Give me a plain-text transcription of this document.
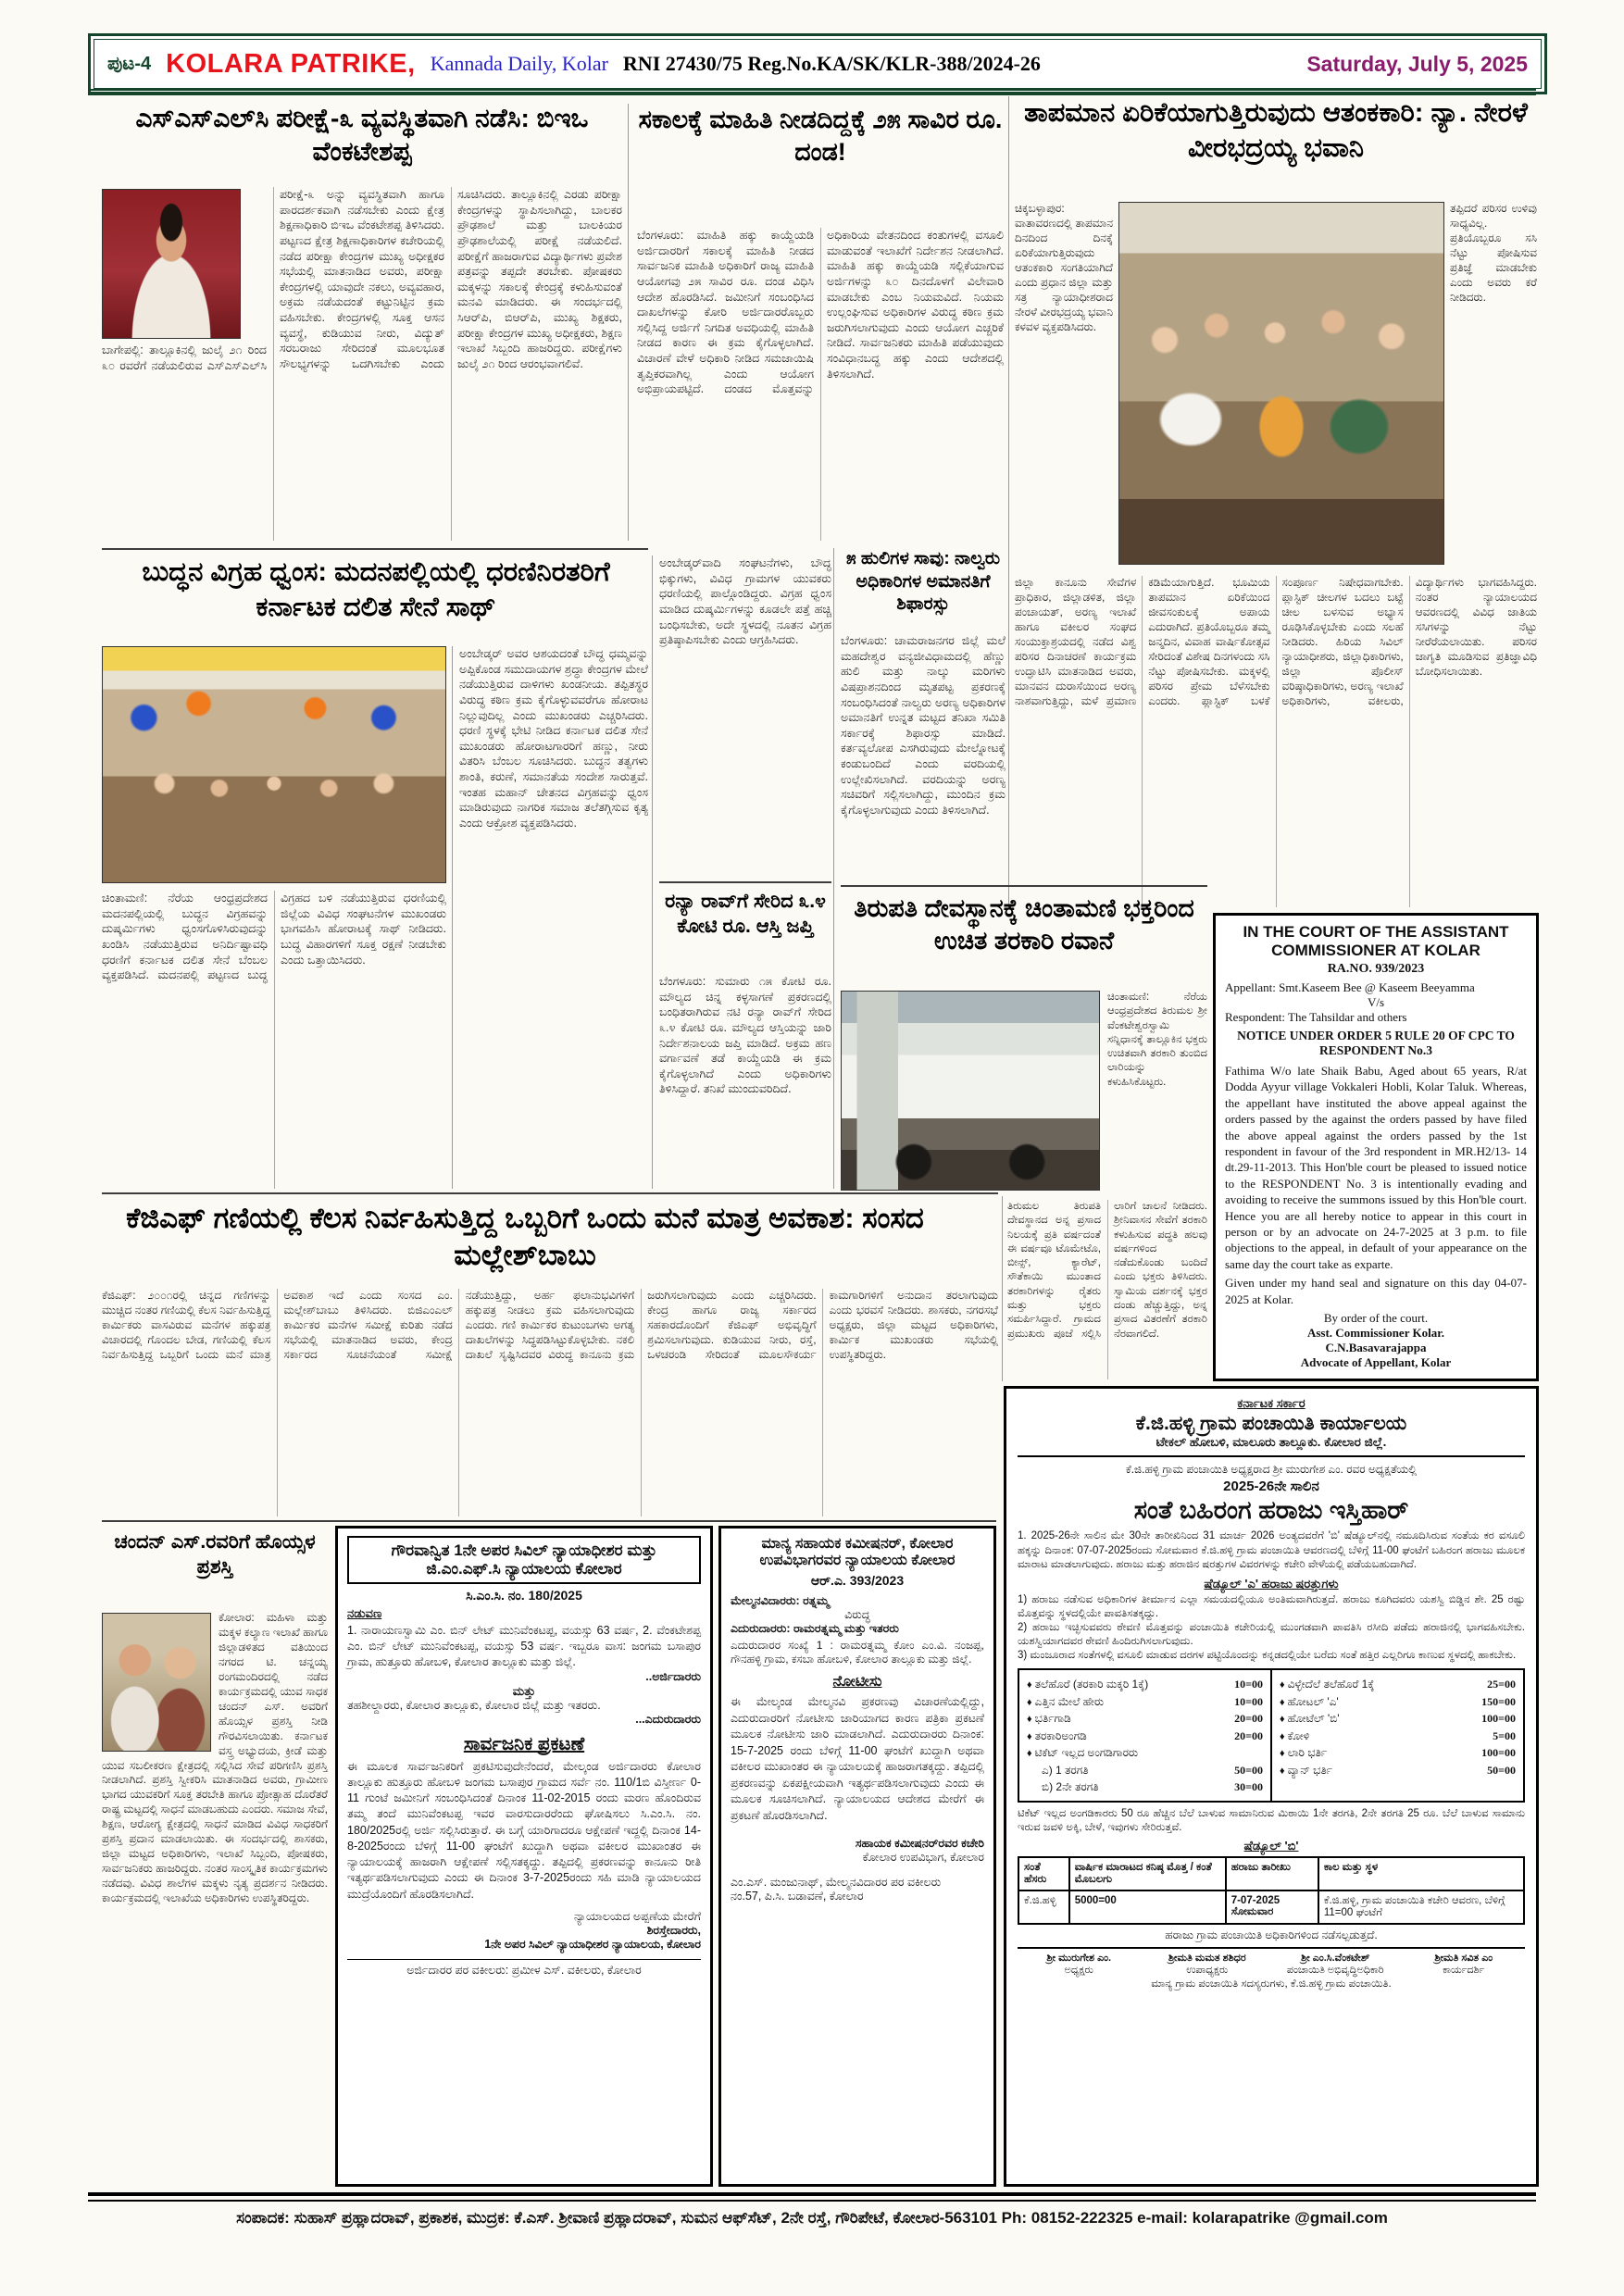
ಪುಟ-4 KOLARA PATRIKE, Kannada Daily, Kolar RNI 27430/75 Reg.No.KA/SK/KLR-388/2024-26	Saturday, July 5, 2025
ಎಸ್‌ಎಸ್‌ಎಲ್‌ಸಿ ಪರೀಕ್ಷೆ-೩ ವ್ಯವಸ್ಥಿತವಾಗಿ ನಡೆಸಿ: ಬಿಇಒ ವೆಂಕಟೇಶಪ್ಪ
ಬಾಗೇಪಲ್ಲಿ: ತಾಲ್ಲೂಕಿನಲ್ಲಿ ಜುಲೈ ೨೧ ರಿಂದ ೩೦ ರವರೆಗೆ ನಡೆಯಲಿರುವ ಎಸ್‌ಎಸ್‌ಎಲ್‌ಸಿ ಪರೀಕ್ಷೆ-೩ ಅನ್ನು ವ್ಯವಸ್ಥಿತವಾಗಿ ಹಾಗೂ ಪಾರದರ್ಶಕವಾಗಿ ನಡೆಸಬೇಕು ಎಂದು ಕ್ಷೇತ್ರ ಶಿಕ್ಷಣಾಧಿಕಾರಿ ಬಿಇಒ ವೆಂಕಟೇಶಪ್ಪ ತಿಳಿಸಿದರು. ಪಟ್ಟಣದ ಕ್ಷೇತ್ರ ಶಿಕ್ಷಣಾಧಿಕಾರಿಗಳ ಕಚೇರಿಯಲ್ಲಿ ನಡೆದ ಪರೀಕ್ಷಾ ಕೇಂದ್ರಗಳ ಮುಖ್ಯ ಅಧೀಕ್ಷಕರ ಸಭೆಯಲ್ಲಿ ಮಾತನಾಡಿದ ಅವರು, ಪರೀಕ್ಷಾ ಕೇಂದ್ರಗಳಲ್ಲಿ ಯಾವುದೇ ನಕಲು, ಅವ್ಯವಹಾರ, ಅಕ್ರಮ ನಡೆಯದಂತೆ ಕಟ್ಟುನಿಟ್ಟಿನ ಕ್ರಮ ವಹಿಸಬೇಕು. ಕೇಂದ್ರಗಳಲ್ಲಿ ಸೂಕ್ತ ಆಸನ ವ್ಯವಸ್ಥೆ, ಕುಡಿಯುವ ನೀರು, ವಿದ್ಯುತ್ ಸರಬರಾಜು ಸೇರಿದಂತೆ ಮೂಲಭೂತ ಸೌಲಭ್ಯಗಳನ್ನು ಒದಗಿಸಬೇಕು ಎಂದು ಸೂಚಿಸಿದರು. ತಾಲ್ಲೂಕಿನಲ್ಲಿ ಎರಡು ಪರೀಕ್ಷಾ ಕೇಂದ್ರಗಳನ್ನು ಸ್ಥಾಪಿಸಲಾಗಿದ್ದು, ಬಾಲಕರ ಪ್ರೌಢಶಾಲೆ ಮತ್ತು ಬಾಲಕಿಯರ ಪ್ರೌಢಶಾಲೆಯಲ್ಲಿ ಪರೀಕ್ಷೆ ನಡೆಯಲಿದೆ. ಪರೀಕ್ಷೆಗೆ ಹಾಜರಾಗುವ ವಿದ್ಯಾರ್ಥಿಗಳು ಪ್ರವೇಶ ಪತ್ರವನ್ನು ತಪ್ಪದೇ ತರಬೇಕು. ಪೋಷಕರು ಮಕ್ಕಳನ್ನು ಸಕಾಲಕ್ಕೆ ಕೇಂದ್ರಕ್ಕೆ ಕಳುಹಿಸುವಂತೆ ಮನವಿ ಮಾಡಿದರು. ಈ ಸಂದರ್ಭದಲ್ಲಿ ಸಿಆರ್‌ಪಿ, ಬಿಆರ್‌ಪಿ, ಮುಖ್ಯ ಶಿಕ್ಷಕರು, ಪರೀಕ್ಷಾ ಕೇಂದ್ರಗಳ ಮುಖ್ಯ ಅಧೀಕ್ಷಕರು, ಶಿಕ್ಷಣ ಇಲಾಖೆ ಸಿಬ್ಬಂದಿ ಹಾಜರಿದ್ದರು. ಪರೀಕ್ಷೆಗಳು ಜುಲೈ ೨೧ ರಿಂದ ಆರಂಭವಾಗಲಿವೆ.
ಸಕಾಲಕ್ಕೆ ಮಾಹಿತಿ ನೀಡದಿದ್ದಕ್ಕೆ ೨೫ ಸಾವಿರ ರೂ. ದಂಡ!
ಬೆಂಗಳೂರು: ಮಾಹಿತಿ ಹಕ್ಕು ಕಾಯ್ದೆಯಡಿ ಅರ್ಜಿದಾರರಿಗೆ ಸಕಾಲಕ್ಕೆ ಮಾಹಿತಿ ನೀಡದ ಸಾರ್ವಜನಿಕ ಮಾಹಿತಿ ಅಧಿಕಾರಿಗೆ ರಾಜ್ಯ ಮಾಹಿತಿ ಆಯೋಗವು ೨೫ ಸಾವಿರ ರೂ. ದಂಡ ವಿಧಿಸಿ ಆದೇಶ ಹೊರಡಿಸಿದೆ. ಜಮೀನಿಗೆ ಸಂಬಂಧಿಸಿದ ದಾಖಲೆಗಳನ್ನು ಕೋರಿ ಅರ್ಜಿದಾರರೊಬ್ಬರು ಸಲ್ಲಿಸಿದ್ದ ಅರ್ಜಿಗೆ ನಿಗದಿತ ಅವಧಿಯಲ್ಲಿ ಮಾಹಿತಿ ನೀಡದ ಕಾರಣ ಈ ಕ್ರಮ ಕೈಗೊಳ್ಳಲಾಗಿದೆ. ವಿಚಾರಣೆ ವೇಳೆ ಅಧಿಕಾರಿ ನೀಡಿದ ಸಮಜಾಯಿಷಿ ತೃಪ್ತಿಕರವಾಗಿಲ್ಲ ಎಂದು ಆಯೋಗ ಅಭಿಪ್ರಾಯಪಟ್ಟಿದೆ. ದಂಡದ ಮೊತ್ತವನ್ನು ಅಧಿಕಾರಿಯ ವೇತನದಿಂದ ಕಂತುಗಳಲ್ಲಿ ವಸೂಲಿ ಮಾಡುವಂತೆ ಇಲಾಖೆಗೆ ನಿರ್ದೇಶನ ನೀಡಲಾಗಿದೆ. ಮಾಹಿತಿ ಹಕ್ಕು ಕಾಯ್ದೆಯಡಿ ಸಲ್ಲಿಕೆಯಾಗುವ ಅರ್ಜಿಗಳನ್ನು ೩೦ ದಿನದೊಳಗೆ ವಿಲೇವಾರಿ ಮಾಡಬೇಕು ಎಂಬ ನಿಯಮವಿದೆ. ನಿಯಮ ಉಲ್ಲಂಘಿಸುವ ಅಧಿಕಾರಿಗಳ ವಿರುದ್ಧ ಕಠಿಣ ಕ್ರಮ ಜರುಗಿಸಲಾಗುವುದು ಎಂದು ಆಯೋಗ ಎಚ್ಚರಿಕೆ ನೀಡಿದೆ. ಸಾರ್ವಜನಿಕರು ಮಾಹಿತಿ ಪಡೆಯುವುದು ಸಂವಿಧಾನಬದ್ಧ ಹಕ್ಕು ಎಂದು ಆದೇಶದಲ್ಲಿ ತಿಳಿಸಲಾಗಿದೆ.
ತಾಪಮಾನ ಏರಿಕೆಯಾಗುತ್ತಿರುವುದು ಆತಂಕಕಾರಿ: ನ್ಯಾ. ನೇರಳೆ ವೀರಭದ್ರಯ್ಯ ಭವಾನಿ
ಚಿಕ್ಕಬಳ್ಳಾಪುರ: ವಾತಾವರಣದಲ್ಲಿ ತಾಪಮಾನ ದಿನದಿಂದ ದಿನಕ್ಕೆ ಏರಿಕೆಯಾಗುತ್ತಿರುವುದು ಆತಂಕಕಾರಿ ಸಂಗತಿಯಾಗಿದೆ ಎಂದು ಪ್ರಧಾನ ಜಿಲ್ಲಾ ಮತ್ತು ಸತ್ರ ನ್ಯಾಯಾಧೀಶರಾದ ನೇರಳೆ ವೀರಭದ್ರಯ್ಯ ಭವಾನಿ ಕಳವಳ ವ್ಯಕ್ತಪಡಿಸಿದರು.
ತಪ್ಪಿದರೆ ಪರಿಸರ ಉಳಿವು ಸಾಧ್ಯವಿಲ್ಲ. ಪ್ರತಿಯೊಬ್ಬರೂ ಸಸಿ ನೆಟ್ಟು ಪೋಷಿಸುವ ಪ್ರತಿಜ್ಞೆ ಮಾಡಬೇಕು ಎಂದು ಅವರು ಕರೆ ನೀಡಿದರು.
ಜಿಲ್ಲಾ ಕಾನೂನು ಸೇವೆಗಳ ಪ್ರಾಧಿಕಾರ, ಜಿಲ್ಲಾಡಳಿತ, ಜಿಲ್ಲಾ ಪಂಚಾಯತ್, ಅರಣ್ಯ ಇಲಾಖೆ ಹಾಗೂ ವಕೀಲರ ಸಂಘದ ಸಂಯುಕ್ತಾಶ್ರಯದಲ್ಲಿ ನಡೆದ ವಿಶ್ವ ಪರಿಸರ ದಿನಾಚರಣೆ ಕಾರ್ಯಕ್ರಮ ಉದ್ಘಾಟಿಸಿ ಮಾತನಾಡಿದ ಅವರು, ಮಾನವನ ದುರಾಸೆಯಿಂದ ಅರಣ್ಯ ನಾಶವಾಗುತ್ತಿದ್ದು, ಮಳೆ ಪ್ರಮಾಣ ಕಡಿಮೆಯಾಗುತ್ತಿದೆ. ಭೂಮಿಯ ತಾಪಮಾನ ಏರಿಕೆಯಿಂದ ಜೀವಸಂಕುಲಕ್ಕೆ ಅಪಾಯ ಎದುರಾಗಿದೆ. ಪ್ರತಿಯೊಬ್ಬರೂ ತಮ್ಮ ಜನ್ಮದಿನ, ವಿವಾಹ ವಾರ್ಷಿಕೋತ್ಸವ ಸೇರಿದಂತೆ ವಿಶೇಷ ದಿನಗಳಂದು ಸಸಿ ನೆಟ್ಟು ಪೋಷಿಸಬೇಕು. ಮಕ್ಕಳಲ್ಲಿ ಪರಿಸರ ಪ್ರೇಮ ಬೆಳೆಸಬೇಕು ಎಂದರು. ಪ್ಲಾಸ್ಟಿಕ್ ಬಳಕೆ ಸಂಪೂರ್ಣ ನಿಷೇಧವಾಗಬೇಕು. ಪ್ಲಾಸ್ಟಿಕ್ ಚೀಲಗಳ ಬದಲು ಬಟ್ಟೆ ಚೀಲ ಬಳಸುವ ಅಭ್ಯಾಸ ರೂಢಿಸಿಕೊಳ್ಳಬೇಕು ಎಂದು ಸಲಹೆ ನೀಡಿದರು. ಹಿರಿಯ ಸಿವಿಲ್ ನ್ಯಾಯಾಧೀಶರು, ಜಿಲ್ಲಾಧಿಕಾರಿಗಳು, ಜಿಲ್ಲಾ ಪೊಲೀಸ್ ವರಿಷ್ಠಾಧಿಕಾರಿಗಳು, ಅರಣ್ಯ ಇಲಾಖೆ ಅಧಿಕಾರಿಗಳು, ವಕೀಲರು, ವಿದ್ಯಾರ್ಥಿಗಳು ಭಾಗವಹಿಸಿದ್ದರು. ನಂತರ ನ್ಯಾಯಾಲಯದ ಆವರಣದಲ್ಲಿ ವಿವಿಧ ಜಾತಿಯ ಸಸಿಗಳನ್ನು ನೆಟ್ಟು ನೀರೆರೆಯಲಾಯಿತು. ಪರಿಸರ ಜಾಗೃತಿ ಮೂಡಿಸುವ ಪ್ರತಿಜ್ಞಾವಿಧಿ ಬೋಧಿಸಲಾಯಿತು.
ಬುದ್ಧನ ವಿಗ್ರಹ ಧ್ವಂಸ: ಮದನಪಲ್ಲಿಯಲ್ಲಿ ಧರಣಿನಿರತರಿಗೆ ಕರ್ನಾಟಕ ದಲಿತ ಸೇನೆ ಸಾಥ್
ಅಂಬೇಡ್ಕರ್ ಅವರ ಆಶಯದಂತೆ ಬೌದ್ಧ ಧಮ್ಮವನ್ನು ಅಪ್ಪಿಕೊಂಡ ಸಮುದಾಯಗಳ ಶ್ರದ್ಧಾ ಕೇಂದ್ರಗಳ ಮೇಲೆ ನಡೆಯುತ್ತಿರುವ ದಾಳಿಗಳು ಖಂಡನೀಯ. ತಪ್ಪಿತಸ್ಥರ ವಿರುದ್ಧ ಕಠಿಣ ಕ್ರಮ ಕೈಗೊಳ್ಳುವವರೆಗೂ ಹೋರಾಟ ನಿಲ್ಲುವುದಿಲ್ಲ ಎಂದು ಮುಖಂಡರು ಎಚ್ಚರಿಸಿದರು. ಧರಣಿ ಸ್ಥಳಕ್ಕೆ ಭೇಟಿ ನೀಡಿದ ಕರ್ನಾಟಕ ದಲಿತ ಸೇನೆ ಮುಖಂಡರು ಹೋರಾಟಗಾರರಿಗೆ ಹಣ್ಣು, ನೀರು ವಿತರಿಸಿ ಬೆಂಬಲ ಸೂಚಿಸಿದರು. ಬುದ್ಧನ ತತ್ವಗಳು ಶಾಂತಿ, ಕರುಣೆ, ಸಮಾನತೆಯ ಸಂದೇಶ ಸಾರುತ್ತವೆ. ಇಂತಹ ಮಹಾನ್ ಚೇತನದ ವಿಗ್ರಹವನ್ನು ಧ್ವಂಸ ಮಾಡಿರುವುದು ನಾಗರಿಕ ಸಮಾಜ ತಲೆತಗ್ಗಿಸುವ ಕೃತ್ಯ ಎಂದು ಆಕ್ರೋಶ ವ್ಯಕ್ತಪಡಿಸಿದರು.
ಚಿಂತಾಮಣಿ: ನೆರೆಯ ಆಂಧ್ರಪ್ರದೇಶದ ಮದನಪಲ್ಲಿಯಲ್ಲಿ ಬುದ್ಧನ ವಿಗ್ರಹವನ್ನು ದುಷ್ಕರ್ಮಿಗಳು ಧ್ವಂಸಗೊಳಿಸಿರುವುದನ್ನು ಖಂಡಿಸಿ ನಡೆಯುತ್ತಿರುವ ಅನಿರ್ದಿಷ್ಟಾವಧಿ ಧರಣಿಗೆ ಕರ್ನಾಟಕ ದಲಿತ ಸೇನೆ ಬೆಂಬಲ ವ್ಯಕ್ತಪಡಿಸಿದೆ. ಮದನಪಲ್ಲಿ ಪಟ್ಟಣದ ಬುದ್ಧ ವಿಗ್ರಹದ ಬಳಿ ನಡೆಯುತ್ತಿರುವ ಧರಣಿಯಲ್ಲಿ ಜಿಲ್ಲೆಯ ವಿವಿಧ ಸಂಘಟನೆಗಳ ಮುಖಂಡರು ಭಾಗವಹಿಸಿ ಹೋರಾಟಕ್ಕೆ ಸಾಥ್ ನೀಡಿದರು. ಬುದ್ಧ ವಿಹಾರಗಳಿಗೆ ಸೂಕ್ತ ರಕ್ಷಣೆ ನೀಡಬೇಕು ಎಂದು ಒತ್ತಾಯಿಸಿದರು.
ಅಂಬೇಡ್ಕರ್‌ವಾದಿ ಸಂಘಟನೆಗಳು, ಬೌದ್ಧ ಭಿಕ್ಕುಗಳು, ವಿವಿಧ ಗ್ರಾಮಗಳ ಯುವಕರು ಧರಣಿಯಲ್ಲಿ ಪಾಲ್ಗೊಂಡಿದ್ದರು. ವಿಗ್ರಹ ಧ್ವಂಸ ಮಾಡಿದ ದುಷ್ಕರ್ಮಿಗಳನ್ನು ಕೂಡಲೇ ಪತ್ತೆ ಹಚ್ಚಿ ಬಂಧಿಸಬೇಕು, ಅದೇ ಸ್ಥಳದಲ್ಲಿ ನೂತನ ವಿಗ್ರಹ ಪ್ರತಿಷ್ಠಾಪಿಸಬೇಕು ಎಂದು ಆಗ್ರಹಿಸಿದರು.
ರನ್ಯಾ ರಾವ್‌ಗೆ ಸೇರಿದ ೩.೪ ಕೋಟಿ ರೂ. ಆಸ್ತಿ ಜಪ್ತಿ
ಬೆಂಗಳೂರು: ಸುಮಾರು ೧೫ ಕೋಟಿ ರೂ. ಮೌಲ್ಯದ ಚಿನ್ನ ಕಳ್ಳಸಾಗಣೆ ಪ್ರಕರಣದಲ್ಲಿ ಬಂಧಿತರಾಗಿರುವ ನಟಿ ರನ್ಯಾ ರಾವ್‌ಗೆ ಸೇರಿದ ೩.೪ ಕೋಟಿ ರೂ. ಮೌಲ್ಯದ ಆಸ್ತಿಯನ್ನು ಜಾರಿ ನಿರ್ದೇಶನಾಲಯ ಜಪ್ತಿ ಮಾಡಿದೆ. ಅಕ್ರಮ ಹಣ ವರ್ಗಾವಣೆ ತಡೆ ಕಾಯ್ದೆಯಡಿ ಈ ಕ್ರಮ ಕೈಗೊಳ್ಳಲಾಗಿದೆ ಎಂದು ಅಧಿಕಾರಿಗಳು ತಿಳಿಸಿದ್ದಾರೆ. ತನಿಖೆ ಮುಂದುವರಿದಿದೆ.
೫ ಹುಲಿಗಳ ಸಾವು: ನಾಲ್ವರು ಅಧಿಕಾರಿಗಳ ಅಮಾನತಿಗೆ ಶಿಫಾರಸ್ಸು
ಬೆಂಗಳೂರು: ಚಾಮರಾಜನಗರ ಜಿಲ್ಲೆ ಮಲೆ ಮಹದೇಶ್ವರ ವನ್ಯಜೀವಿಧಾಮದಲ್ಲಿ ಹೆಣ್ಣು ಹುಲಿ ಮತ್ತು ನಾಲ್ಕು ಮರಿಗಳು ವಿಷಪ್ರಾಶನದಿಂದ ಮೃತಪಟ್ಟ ಪ್ರಕರಣಕ್ಕೆ ಸಂಬಂಧಿಸಿದಂತೆ ನಾಲ್ವರು ಅರಣ್ಯ ಅಧಿಕಾರಿಗಳ ಅಮಾನತಿಗೆ ಉನ್ನತ ಮಟ್ಟದ ತನಿಖಾ ಸಮಿತಿ ಸರ್ಕಾರಕ್ಕೆ ಶಿಫಾರಸ್ಸು ಮಾಡಿದೆ. ಕರ್ತವ್ಯಲೋಪ ಎಸಗಿರುವುದು ಮೇಲ್ನೋಟಕ್ಕೆ ಕಂಡುಬಂದಿದೆ ಎಂದು ವರದಿಯಲ್ಲಿ ಉಲ್ಲೇಖಿಸಲಾಗಿದೆ. ವರದಿಯನ್ನು ಅರಣ್ಯ ಸಚಿವರಿಗೆ ಸಲ್ಲಿಸಲಾಗಿದ್ದು, ಮುಂದಿನ ಕ್ರಮ ಕೈಗೊಳ್ಳಲಾಗುವುದು ಎಂದು ತಿಳಿಸಲಾಗಿದೆ.
ತಿರುಪತಿ ದೇವಸ್ಥಾನಕ್ಕೆ ಚಿಂತಾಮಣಿ ಭಕ್ತರಿಂದ ಉಚಿತ ತರಕಾರಿ ರವಾನೆ
ಚಿಂತಾಮಣಿ: ನೆರೆಯ ಆಂಧ್ರಪ್ರದೇಶದ ತಿರುಮಲ ಶ್ರೀ ವೆಂಕಟೇಶ್ವರಸ್ವಾಮಿ ಸನ್ನಿಧಾನಕ್ಕೆ ತಾಲ್ಲೂಕಿನ ಭಕ್ತರು ಉಚಿತವಾಗಿ ತರಕಾರಿ ತುಂಬಿದ ಲಾರಿಯನ್ನು ಕಳುಹಿಸಿಕೊಟ್ಟರು.
ತಿರುಮಲ ತಿರುಪತಿ ದೇವಸ್ಥಾನದ ಅನ್ನ ಪ್ರಸಾದ ನಿಲಯಕ್ಕೆ ಪ್ರತಿ ವರ್ಷದಂತೆ ಈ ವರ್ಷವೂ ಟೊಮೇಟೊ, ಬೀನ್ಸ್, ಕ್ಯಾರೆಟ್, ಸೌತೆಕಾಯಿ ಮುಂತಾದ ತರಕಾರಿಗಳನ್ನು ರೈತರು ಮತ್ತು ಭಕ್ತರು ಸಮರ್ಪಿಸಿದ್ದಾರೆ. ಗ್ರಾಮದ ಪ್ರಮುಖರು ಪೂಜೆ ಸಲ್ಲಿಸಿ ಲಾರಿಗೆ ಚಾಲನೆ ನೀಡಿದರು. ಶ್ರೀನಿವಾಸನ ಸೇವೆಗೆ ತರಕಾರಿ ಕಳುಹಿಸುವ ಪದ್ಧತಿ ಹಲವು ವರ್ಷಗಳಿಂದ ನಡೆದುಕೊಂಡು ಬಂದಿದೆ ಎಂದು ಭಕ್ತರು ತಿಳಿಸಿದರು. ಸ್ವಾಮಿಯ ದರ್ಶನಕ್ಕೆ ಭಕ್ತರ ದಂಡು ಹೆಚ್ಚುತ್ತಿದ್ದು, ಅನ್ನ ಪ್ರಸಾದ ವಿತರಣೆಗೆ ತರಕಾರಿ ನೆರವಾಗಲಿದೆ.
IN THE COURT OF THE ASSISTANT COMMISSIONER AT KOLAR
RA.NO. 939/2023
Appellant: Smt.Kaseem Bee @ Kaseem Beeyamma
V/s
Respondent: The Tahsildar and others
NOTICE UNDER ORDER 5 RULE 20 OF CPC TO RESPONDENT No.3
Fathima W/o late Shaik Babu, Aged about 65 years, R/at Dodda Ayyur village Vokkaleri Hobli, Kolar Taluk. Whereas, the appellant have instituted the above appeal against the orders passed by the against the orders passed by have filed the above appeal against the orders passed by the 1st respondent in favour of the 3rd respondent in MR.H2/13- 14 dt.29-11-2013. This Hon'ble court be pleased to issued notice to the RESPONDENT No. 3 is intentionally evading and avoiding to receive the summons issued by this Hon'ble court. Hence you are all hereby notice to appear in this court in person or by an advocate on 24-7-2025 at 3 p.m. to file objections to the appeal, in default of your appearance on the same day the court take as exparte.
Given under my hand seal and signature on this day 04-07-2025 at Kolar.
By order of the court.
Asst. Commissioner Kolar.
C.N.Basavarajappa
Advocate of Appellant, Kolar
ಕೆಜಿಎಫ್ ಗಣಿಯಲ್ಲಿ ಕೆಲಸ ನಿರ್ವಹಿಸುತ್ತಿದ್ದ ಒಬ್ಬರಿಗೆ ಒಂದು ಮನೆ ಮಾತ್ರ ಅವಕಾಶ: ಸಂಸದ ಮಲ್ಲೇಶ್‌ಬಾಬು
ಕೆಜಿಎಫ್: ೨೦೦೧ರಲ್ಲಿ ಚಿನ್ನದ ಗಣಿಗಳನ್ನು ಮುಚ್ಚಿದ ನಂತರ ಗಣಿಯಲ್ಲಿ ಕೆಲಸ ನಿರ್ವಹಿಸುತ್ತಿದ್ದ ಕಾರ್ಮಿಕರು ವಾಸವಿರುವ ಮನೆಗಳ ಹಕ್ಕುಪತ್ರ ವಿಚಾರದಲ್ಲಿ ಗೊಂದಲ ಬೇಡ, ಗಣಿಯಲ್ಲಿ ಕೆಲಸ ನಿರ್ವಹಿಸುತ್ತಿದ್ದ ಒಬ್ಬರಿಗೆ ಒಂದು ಮನೆ ಮಾತ್ರ ಅವಕಾಶ ಇದೆ ಎಂದು ಸಂಸದ ಎಂ. ಮಲ್ಲೇಶ್‌ಬಾಬು ತಿಳಿಸಿದರು. ಬಿಜಿಎಂಎಲ್ ಕಾರ್ಮಿಕರ ಮನೆಗಳ ಸಮೀಕ್ಷೆ ಕುರಿತು ನಡೆದ ಸಭೆಯಲ್ಲಿ ಮಾತನಾಡಿದ ಅವರು, ಕೇಂದ್ರ ಸರ್ಕಾರದ ಸೂಚನೆಯಂತೆ ಸಮೀಕ್ಷೆ ನಡೆಯುತ್ತಿದ್ದು, ಅರ್ಹ ಫಲಾನುಭವಿಗಳಿಗೆ ಹಕ್ಕುಪತ್ರ ನೀಡಲು ಕ್ರಮ ವಹಿಸಲಾಗುವುದು ಎಂದರು. ಗಣಿ ಕಾರ್ಮಿಕರ ಕುಟುಂಬಗಳು ಅಗತ್ಯ ದಾಖಲೆಗಳನ್ನು ಸಿದ್ಧಪಡಿಸಿಟ್ಟುಕೊಳ್ಳಬೇಕು. ನಕಲಿ ದಾಖಲೆ ಸೃಷ್ಟಿಸಿದವರ ವಿರುದ್ಧ ಕಾನೂನು ಕ್ರಮ ಜರುಗಿಸಲಾಗುವುದು ಎಂದು ಎಚ್ಚರಿಸಿದರು. ಕೇಂದ್ರ ಹಾಗೂ ರಾಜ್ಯ ಸರ್ಕಾರದ ಸಹಕಾರದೊಂದಿಗೆ ಕೆಜಿಎಫ್ ಅಭಿವೃದ್ಧಿಗೆ ಶ್ರಮಿಸಲಾಗುವುದು. ಕುಡಿಯುವ ನೀರು, ರಸ್ತೆ, ಒಳಚರಂಡಿ ಸೇರಿದಂತೆ ಮೂಲಸೌಕರ್ಯ ಕಾಮಗಾರಿಗಳಿಗೆ ಅನುದಾನ ತರಲಾಗುವುದು ಎಂದು ಭರವಸೆ ನೀಡಿದರು. ಶಾಸಕರು, ನಗರಸಭೆ ಅಧ್ಯಕ್ಷರು, ಜಿಲ್ಲಾ ಮಟ್ಟದ ಅಧಿಕಾರಿಗಳು, ಕಾರ್ಮಿಕ ಮುಖಂಡರು ಸಭೆಯಲ್ಲಿ ಉಪಸ್ಥಿತರಿದ್ದರು.
ಚಂದನ್ ಎಸ್.ರವರಿಗೆ ಹೊಯ್ಸಳ ಪ್ರಶಸ್ತಿ
ಕೋಲಾರ: ಮಹಿಳಾ ಮತ್ತು ಮಕ್ಕಳ ಕಲ್ಯಾಣ ಇಲಾಖೆ ಹಾಗೂ ಜಿಲ್ಲಾಡಳಿತದ ವತಿಯಿಂದ ನಗರದ ಟಿ. ಚನ್ನಯ್ಯ ರಂಗಮಂದಿರದಲ್ಲಿ ನಡೆದ ಕಾರ್ಯಕ್ರಮದಲ್ಲಿ ಯುವ ಸಾಧಕ ಚಂದನ್ ಎಸ್. ಅವರಿಗೆ ಹೊಯ್ಸಳ ಪ್ರಶಸ್ತಿ ನೀಡಿ ಗೌರವಿಸಲಾಯಿತು. ಕರ್ನಾಟಕ ವಸ್ತ್ರ ಅಭ್ಯುದಯ, ಕ್ರೀಡೆ ಮತ್ತು ಯುವ ಸಬಲೀಕರಣ ಕ್ಷೇತ್ರದಲ್ಲಿ ಸಲ್ಲಿಸಿದ ಸೇವೆ ಪರಿಗಣಿಸಿ ಪ್ರಶಸ್ತಿ ನೀಡಲಾಗಿದೆ. ಪ್ರಶಸ್ತಿ ಸ್ವೀಕರಿಸಿ ಮಾತನಾಡಿದ ಅವರು, ಗ್ರಾಮೀಣ ಭಾಗದ ಯುವಕರಿಗೆ ಸೂಕ್ತ ತರಬೇತಿ ಹಾಗೂ ಪ್ರೋತ್ಸಾಹ ದೊರೆತರೆ ರಾಷ್ಟ್ರ ಮಟ್ಟದಲ್ಲಿ ಸಾಧನೆ ಮಾಡಬಹುದು ಎಂದರು. ಸಮಾಜ ಸೇವೆ, ಶಿಕ್ಷಣ, ಆರೋಗ್ಯ ಕ್ಷೇತ್ರದಲ್ಲಿ ಸಾಧನೆ ಮಾಡಿದ ವಿವಿಧ ಸಾಧಕರಿಗೆ ಪ್ರಶಸ್ತಿ ಪ್ರದಾನ ಮಾಡಲಾಯಿತು. ಈ ಸಂದರ್ಭದಲ್ಲಿ ಶಾಸಕರು, ಜಿಲ್ಲಾ ಮಟ್ಟದ ಅಧಿಕಾರಿಗಳು, ಇಲಾಖೆ ಸಿಬ್ಬಂದಿ, ಪೋಷಕರು, ಸಾರ್ವಜನಿಕರು ಹಾಜರಿದ್ದರು. ನಂತರ ಸಾಂಸ್ಕೃತಿಕ ಕಾರ್ಯಕ್ರಮಗಳು ನಡೆದವು. ವಿವಿಧ ಶಾಲೆಗಳ ಮಕ್ಕಳು ನೃತ್ಯ ಪ್ರದರ್ಶನ ನೀಡಿದರು. ಕಾರ್ಯಕ್ರಮದಲ್ಲಿ ಇಲಾಖೆಯ ಅಧಿಕಾರಿಗಳು ಉಪಸ್ಥಿತರಿದ್ದರು.
ಗೌರವಾನ್ವಿತ 1ನೇ ಅಪರ ಸಿವಿಲ್ ನ್ಯಾಯಾಧೀಶರ ಮತ್ತು ಜಿ.ಎಂ.ಎಫ್.ಸಿ ನ್ಯಾಯಾಲಯ ಕೋಲಾರ
ಸಿ.ಎಂ.ಸಿ. ನಂ. 180/2025
ನಡುವಣ
1. ನಾರಾಯಣಸ್ವಾಮಿ ಎಂ. ಬಿನ್ ಲೇಟ್ ಮುನಿವೆಂಕಟಪ್ಪ, ವಯಸ್ಸು 63 ವರ್ಷ, 2. ವೆಂಕಟೇಶಪ್ಪ ಎಂ. ಬಿನ್ ಲೇಟ್ ಮುನಿವೆಂಕಟಪ್ಪ, ವಯಸ್ಸು 53 ವರ್ಷ. ಇಬ್ಬರೂ ವಾಸ: ಜಂಗಮ ಬಸಾಪುರ ಗ್ರಾಮ, ಹುತ್ತೂರು ಹೋಬಳಿ, ಕೋಲಾರ ತಾಲ್ಲೂಕು ಮತ್ತು ಜಿಲ್ಲೆ.
..ಅರ್ಜಿದಾರರು
ಮತ್ತು
ತಹಶೀಲ್ದಾರರು, ಕೋಲಾರ ತಾಲ್ಲೂಕು, ಕೋಲಾರ ಜಿಲ್ಲೆ ಮತ್ತು ಇತರರು.
...ಎದುರುದಾರರು
ಸಾರ್ವಜನಿಕ ಪ್ರಕಟಣೆ
ಈ ಮೂಲಕ ಸಾರ್ವಜನಿಕರಿಗೆ ಪ್ರಕಟಿಸುವುದೇನೆಂದರೆ, ಮೇಲ್ಕಂಡ ಅರ್ಜಿದಾರರು ಕೋಲಾರ ತಾಲ್ಲೂಕು ಹುತ್ತೂರು ಹೋಬಳಿ ಜಂಗಮ ಬಸಾಪುರ ಗ್ರಾಮದ ಸರ್ವೆ ನಂ. 110/1ಬಿ ವಿಸ್ತೀರ್ಣ 0-11 ಗುಂಟೆ ಜಮೀನಿಗೆ ಸಂಬಂಧಿಸಿದಂತೆ ದಿನಾಂಕ 11-02-2015 ರಂದು ಮರಣ ಹೊಂದಿರುವ ತಮ್ಮ ತಂದೆ ಮುನಿವೆಂ‌ಕಟಪ್ಪ ಇವರ ವಾರಸುದಾರರೆಂದು ಘೋಷಿಸಲು ಸಿ.ಎಂ.ಸಿ. ನಂ. 180/2025ರಲ್ಲಿ ಅರ್ಜಿ ಸಲ್ಲಿಸಿರುತ್ತಾರೆ. ಈ ಬಗ್ಗೆ ಯಾರಿಗಾದರೂ ಆಕ್ಷೇಪಣೆ ಇದ್ದಲ್ಲಿ ದಿನಾಂಕ 14-8-2025ರಂದು ಬೆಳಿಗ್ಗೆ 11-00 ಘಂಟೆಗೆ ಖುದ್ದಾಗಿ ಅಥವಾ ವಕೀಲರ ಮುಖಾಂತರ ಈ ನ್ಯಾಯಾಲಯಕ್ಕೆ ಹಾಜರಾಗಿ ಆಕ್ಷೇಪಣೆ ಸಲ್ಲಿಸತಕ್ಕದ್ದು. ತಪ್ಪಿದಲ್ಲಿ ಪ್ರಕರಣವನ್ನು ಕಾನೂನು ರೀತಿ ಇತ್ಯರ್ಥಪಡಿಸಲಾಗುವುದು ಎಂದು ಈ ದಿನಾಂಕ 3-7-2025ರಂದು ಸಹಿ ಮಾಡಿ ನ್ಯಾಯಾಲಯದ ಮುದ್ರೆಯೊಂದಿಗೆ ಹೊರಡಿಸಲಾಗಿದೆ.
ನ್ಯಾಯಾಲಯದ ಅಪ್ಪಣೆಯ ಮೇರೆಗೆ
ಶಿರಸ್ತೇದಾರರು,
1ನೇ ಅಪರ ಸಿವಿಲ್ ನ್ಯಾಯಾಧೀಶರ ನ್ಯಾಯಾಲಯ, ಕೋಲಾರ
ಅರ್ಜಿದಾರರ ಪರ ವಕೀಲರು: ಪ್ರಮೀಳ ಎಸ್. ವಕೀಲರು, ಕೋಲಾರ
ಮಾನ್ಯ ಸಹಾಯಕ ಕಮೀಷನರ್, ಕೋಲಾರ ಉಪವಿಭಾಗರವರ ನ್ಯಾಯಾಲಯ ಕೋಲಾರ
ಆರ್.ಎ. 393/2023
ಮೇಲ್ಮನವಿದಾರರು: ರತ್ನಮ್ಮ
ವಿರುದ್ಧ
ಎದುರುದಾರರು: ರಾಮರತ್ನಮ್ಮ ಮತ್ತು ಇತರರು
ಎದುರುದಾರರ ಸಂಖ್ಯೆ 1 : ರಾಮರತ್ನಮ್ಮ ಕೋಂ ಎಂ.ವಿ. ನಂಜಪ್ಪ, ಗೌನಹಳ್ಳಿ ಗ್ರಾಮ, ಕಸಬಾ ಹೋಬಳಿ, ಕೋಲಾರ ತಾಲ್ಲೂಕು ಮತ್ತು ಜಿಲ್ಲೆ.
ನೋಟೀಸು
ಈ ಮೇಲ್ಕಂಡ ಮೇಲ್ಮನವಿ ಪ್ರಕರಣವು ವಿಚಾರಣೆಯಲ್ಲಿದ್ದು, ಎದುರುದಾರರಿಗೆ ನೋಟೀಸು ಜಾರಿಯಾಗದ ಕಾರಣ ಪತ್ರಿಕಾ ಪ್ರಕಟಣೆ ಮೂಲಕ ನೋಟೀಸು ಜಾರಿ ಮಾಡಲಾಗಿದೆ. ಎದುರುದಾರರು ದಿನಾಂಕ: 15-7-2025 ರಂದು ಬೆಳಿಗ್ಗೆ 11-00 ಘಂಟೆಗೆ ಖುದ್ದಾಗಿ ಅಥವಾ ವಕೀಲರ ಮುಖಾಂತರ ಈ ನ್ಯಾಯಾಲಯಕ್ಕೆ ಹಾಜರಾಗತಕ್ಕದ್ದು. ತಪ್ಪಿದಲ್ಲಿ ಪ್ರಕರಣವನ್ನು ಏಕಪಕ್ಷೀಯವಾಗಿ ಇತ್ಯರ್ಥಪಡಿಸಲಾಗುವುದು ಎಂದು ಈ ಮೂಲಕ ಸೂಚಿಸಲಾಗಿದೆ. ನ್ಯಾಯಾಲಯದ ಆದೇಶದ ಮೇರೆಗೆ ಈ ಪ್ರಕಟಣೆ ಹೊರಡಿಸಲಾಗಿದೆ.
ಸಹಾಯಕ ಕಮೀಷನರ್‌ರವರ ಕಚೇರಿ
ಕೋಲಾರ ಉಪವಿಭಾಗ, ಕೋಲಾರ
ಎಂ.ಎಸ್. ಮಂಜುನಾಥ್, ಮೇಲ್ಮನವಿದಾರರ ಪರ ವಕೀಲರು
ನಂ.57, ಪಿ.ಸಿ. ಬಡಾವಣೆ, ಕೋಲಾರ
ಕರ್ನಾಟಕ ಸರ್ಕಾರ
ಕೆ.ಜಿ.ಹಳ್ಳಿ ಗ್ರಾಮ ಪಂಚಾಯಿತಿ ಕಾರ್ಯಾಲಯ
ಟೇಕಲ್ ಹೋಬಳಿ, ಮಾಲೂರು ತಾಲ್ಲೂಕು. ಕೋಲಾರ ಜಿಲ್ಲೆ.
ಕೆ.ಜಿ.ಹಳ್ಳಿ ಗ್ರಾಮ ಪಂಚಾಯಿತಿ ಅಧ್ಯಕ್ಷರಾದ ಶ್ರೀ ಮುರುಗೇಶ ಎಂ. ರವರ ಅಧ್ಯಕ್ಷತೆಯಲ್ಲಿ
2025-26ನೇ ಸಾಲಿನ
ಸಂತೆ ಬಹಿರಂಗ ಹರಾಜು ಇಸ್ತಿಹಾರ್
1. 2025-26ನೇ ಸಾಲಿನ ಮೇ 30ನೇ ತಾರೀಖಿನಿಂದ 31 ಮಾರ್ಚ 2026 ಅಂತ್ಯದವರೆಗೆ 'ಬಿ' ಷೆಡ್ಯೂಲ್‌ನಲ್ಲಿ ನಮೂದಿಸಿರುವ ಸಂತೆಯ ಕರ ವಸೂಲಿ ಹಕ್ಕನ್ನು ದಿನಾಂಕ: 07-07-2025ರಂದು ಸೋಮವಾರ ಕೆ.ಜಿ.ಹಳ್ಳಿ ಗ್ರಾಮ ಪಂಚಾಯಿತಿ ಆವರಣದಲ್ಲಿ ಬೆಳಿಗ್ಗೆ 11-00 ಘಂಟೆಗೆ ಬಹಿರಂಗ ಹರಾಜು ಮೂಲಕ ಮಾರಾಟ ಮಾಡಲಾಗುವುದು. ಹರಾಜು ಮತ್ತು ಹರಾಜಿನ ಷರತ್ತುಗಳ ವಿವರಗಳನ್ನು ಕಚೇರಿ ವೇಳೆಯಲ್ಲಿ ಪಡೆಯಬಹುದಾಗಿದೆ.
ಷೆಡ್ಯೂಲ್ 'ಎ' ಹರಾಜು ಷರತ್ತುಗಳು
1) ಹರಾಜು ನಡೆಸುವ ಅಧಿಕಾರಿಗಳ ತೀರ್ಮಾನ ಎಲ್ಲಾ ಸಮಯದಲ್ಲಿಯೂ ಅಂತಿಮವಾಗಿರುತ್ತದೆ. ಹರಾಜು ಕೂಗಿದವರು ಯಶಸ್ವಿ ಬಿಡ್ಡಿನ ಶೇ. 25 ರಷ್ಟು ಮೊತ್ತವನ್ನು ಸ್ಥಳದಲ್ಲಿಯೇ ಪಾವತಿಸತಕ್ಕದ್ದು.
2) ಹರಾಜು ಇಚ್ಛಿಸುವವರು ಠೇವಣಿ ಮೊತ್ತವನ್ನು ಪಂಚಾಯಿತಿ ಕಚೇರಿಯಲ್ಲಿ ಮುಂಗಡವಾಗಿ ಪಾವತಿಸಿ ರಸೀದಿ ಪಡೆದು ಹರಾಜಿನಲ್ಲಿ ಭಾಗವಹಿಸಬೇಕು. ಯಶಸ್ವಿಯಾಗದವರ ಠೇವಣಿ ಹಿಂದಿರುಗಿಸಲಾಗುವುದು.
3) ಮಂಜೂರಾದ ಸಂತೆಗಳಲ್ಲಿ ವಸೂಲಿ ಮಾಡುವ ದರಗಳ ಪಟ್ಟಿಯೊಂದನ್ನು ಕನ್ನಡದಲ್ಲಿಯೇ ಬರೆದು ಸಂತೆ ಹತ್ತಿರ ಎಲ್ಲರಿಗೂ ಕಾಣುವ ಸ್ಥಳದಲ್ಲಿ ಹಾಕಬೇಕು.
♦ ತಲೆಹೊರೆ (ತರಕಾರಿ ಮಕ್ಕರಿ 1ಕ್ಕೆ)	10=00
♦ ಎತ್ತಿನ ಮೇಲೆ ಹೇರು	10=00
♦ ಭರ್ತಿಗಾಡಿ	20=00
♦ ತರಕಾರಿಅಂಗಡಿ	20=00
♦ ಟಿಕೆಟ್ ಇಲ್ಲದ ಅಂಗಡಿಗಾರರು
ಎ) 1 ತರಗತಿ	50=00
ಬಿ) 2ನೇ ತರಗತಿ	30=00
♦ ವಿಳ್ಳೇದೆಲೆ ತಲೆಹೊರೆ 1ಕ್ಕೆ	25=00
♦ ಹೋಟಲ್ 'ಎ'	150=00
♦ ಹೋಟೆಲ್ 'ಬಿ'	100=00
♦ ಕೋಳಿ	5=00
♦ ಲಾರಿ ಭರ್ತಿ	100=00
♦ ವ್ಯಾನ್ ಭರ್ತಿ	50=00
ಟಿಕೆಟ್ ಇಲ್ಲದ ಅಂಗಡಿಕಾರರು 50 ರೂ ಹೆಚ್ಚಿನ ಬೆಲೆ ಬಾಳುವ ಸಾಮಾನಿರುವ ಮಿಠಾಯಿ 1ನೇ ತರಗತಿ, 2ನೇ ತರಗತಿ 25 ರೂ. ಬೆಲೆ ಬಾಳುವ ಸಾಮಾನು ಇರುವ ಜವಳಿ ಅಕ್ಕಿ, ಬೇಳೆ, ಇವುಗಳು ಸೇರಿರುತ್ತವೆ.
ಷೆಡ್ಯೂಲ್ 'ಬಿ'
ಸಂತೆ ಹೆಸರು	ವಾರ್ಷಿಕ ಮಾರಾಟದ ಕನಿಷ್ಠ ಮೊತ್ತ / ಕಂತೆ ಮೊಬಲಗು	ಹರಾಜು ತಾರೀಖು	ಕಾಲ ಮತ್ತು ಸ್ಥಳ
ಕೆ.ಜಿ.ಹಳ್ಳಿ	5000=00	7-07-2025 ಸೋಮವಾರ	ಕೆ.ಜಿ.ಹಳ್ಳಿ, ಗ್ರಾಮ ಪಂಚಾಯಿತಿ ಕಚೇರಿ ಆವರಣ, ಬೆಳಿಗ್ಗೆ 11=00 ಘಂಟೆಗೆ
ಹರಾಜು ಗ್ರಾಮ ಪಂಚಾಯಿತಿ ಅಧಿಕಾರಿಗಳಿಂದ ನಡೆಸಲ್ಪಡುತ್ತದೆ.
ಶ್ರೀ ಮುರುಗೇಶ ಎಂ.
ಅಧ್ಯಕ್ಷರು
ಶ್ರೀಮತಿ ಮಮತ ಶಶಿಧರ
ಉಪಾಧ್ಯಕ್ಷರು
ಶ್ರೀ ಎಂ.ಸಿ.ವೆಂಕಟೇಶ್
ಪಂಚಾಯಿತಿ ಅಭಿವೃದ್ಧಿಅಧಿಕಾರಿ
ಶ್ರೀಮತಿ ಸವಿತ ಎಂ
ಕಾರ್ಯದರ್ಶಿ
ಮಾನ್ಯ ಗ್ರಾಮ ಪಂಚಾಯಿತಿ ಸದಸ್ಯರುಗಳು, ಕೆ.ಜಿ.ಹಳ್ಳಿ ಗ್ರಾಮ ಪಂಚಾಯಿತಿ.
ಸಂಪಾದಕ: ಸುಹಾಸ್ ಪ್ರಹ್ಲಾದರಾವ್, ಪ್ರಕಾಶಕ, ಮುದ್ರಕ: ಕೆ.ಎಸ್. ಶ್ರೀವಾಣಿ ಪ್ರಹ್ಲಾದರಾವ್, ಸುಮನ ಆಫ್‌ಸೆಟ್, 2ನೇ ರಸ್ತೆ, ಗೌರಿಪೇಟೆ, ಕೋಲಾರ-563101 Ph: 08152-222325 e-mail: kolarapatrike @gmail.com
